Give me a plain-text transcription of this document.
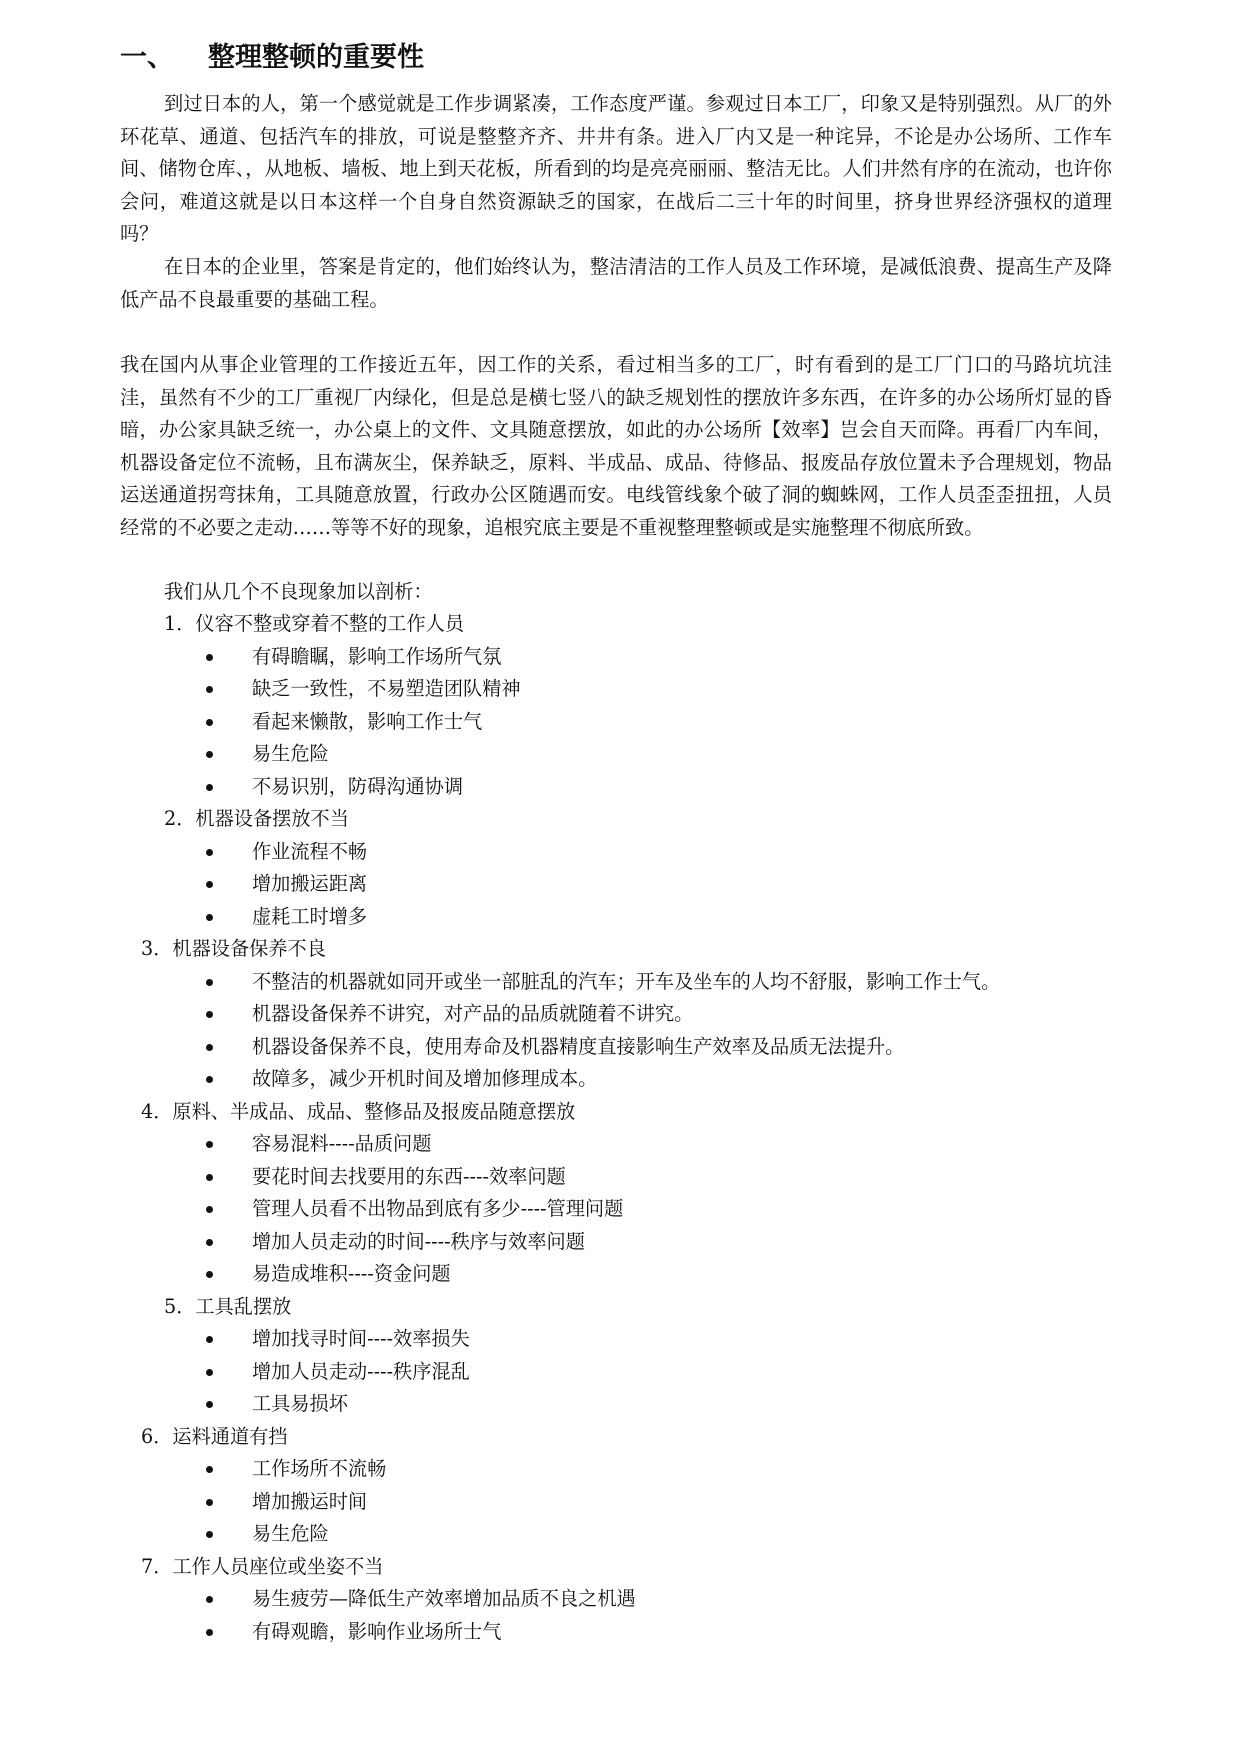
一、 整理整顿的重要性

到过日本的人，第一个感觉就是工作步调紧凑，工作态度严谨。参观过日本工厂，印象又是特别强烈。从厂的外环花草、通道、包括汽车的排放，可说是整整齐齐、井井有条。进入厂内又是一种诧异，不论是办公场所、工作车间、储物仓库、，从地板、墙板、地上到天花板，所看到的均是亮亮丽丽、整洁无比。人们井然有序的在流动，也许你会问，难道这就是以日本这样一个自身自然资源缺乏的国家，在战后二三十年的时间里，挤身世界经济强权的道理吗？

在日本的企业里，答案是肯定的，他们始终认为，整洁清洁的工作人员及工作环境，是减低浪费、提高生产及降低产品不良最重要的基础工程。

我在国内从事企业管理的工作接近五年，因工作的关系，看过相当多的工厂，时有看到的是工厂门口的马路坑坑洼洼，虽然有不少的工厂重视厂内绿化，但是总是横七竖八的缺乏规划性的摆放许多东西，在许多的办公场所灯显的昏暗，办公家具缺乏统一，办公桌上的文件、文具随意摆放，如此的办公场所【效率】岂会自天而降。再看厂内车间，机器设备定位不流畅，且布满灰尘，保养缺乏，原料、半成品、成品、待修品、报废品存放位置未予合理规划，物品运送通道拐弯抹角，工具随意放置，行政办公区随遇而安。电线管线象个破了洞的蜘蛛网，工作人员歪歪扭扭，人员经常的不必要之走动……等等不好的现象，追根究底主要是不重视整理整顿或是实施整理不彻底所致。

我们从几个不良现象加以剖析：

1．仪容不整或穿着不整的工作人员
有碍瞻瞩，影响工作场所气氛
缺乏一致性，不易塑造团队精神
看起来懒散，影响工作士气
易生危险
不易识别，防碍沟通协调
2．机器设备摆放不当
作业流程不畅
增加搬运距离
虚耗工时增多
3．机器设备保养不良
不整洁的机器就如同开或坐一部脏乱的汽车；开车及坐车的人均不舒服，影响工作士气。
机器设备保养不讲究，对产品的品质就随着不讲究。
机器设备保养不良，使用寿命及机器精度直接影响生产效率及品质无法提升。
故障多，减少开机时间及增加修理成本。
4．原料、半成品、成品、整修品及报废品随意摆放
容易混料----品质问题
要花时间去找要用的东西----效率问题
管理人员看不出物品到底有多少----管理问题
增加人员走动的时间----秩序与效率问题
易造成堆积----资金问题
5．工具乱摆放
增加找寻时间----效率损失
增加人员走动----秩序混乱
工具易损坏
6．运料通道有挡
工作场所不流畅
增加搬运时间
易生危险
7．工作人员座位或坐姿不当
易生疲劳—降低生产效率增加品质不良之机遇
有碍观瞻，影响作业场所士气
